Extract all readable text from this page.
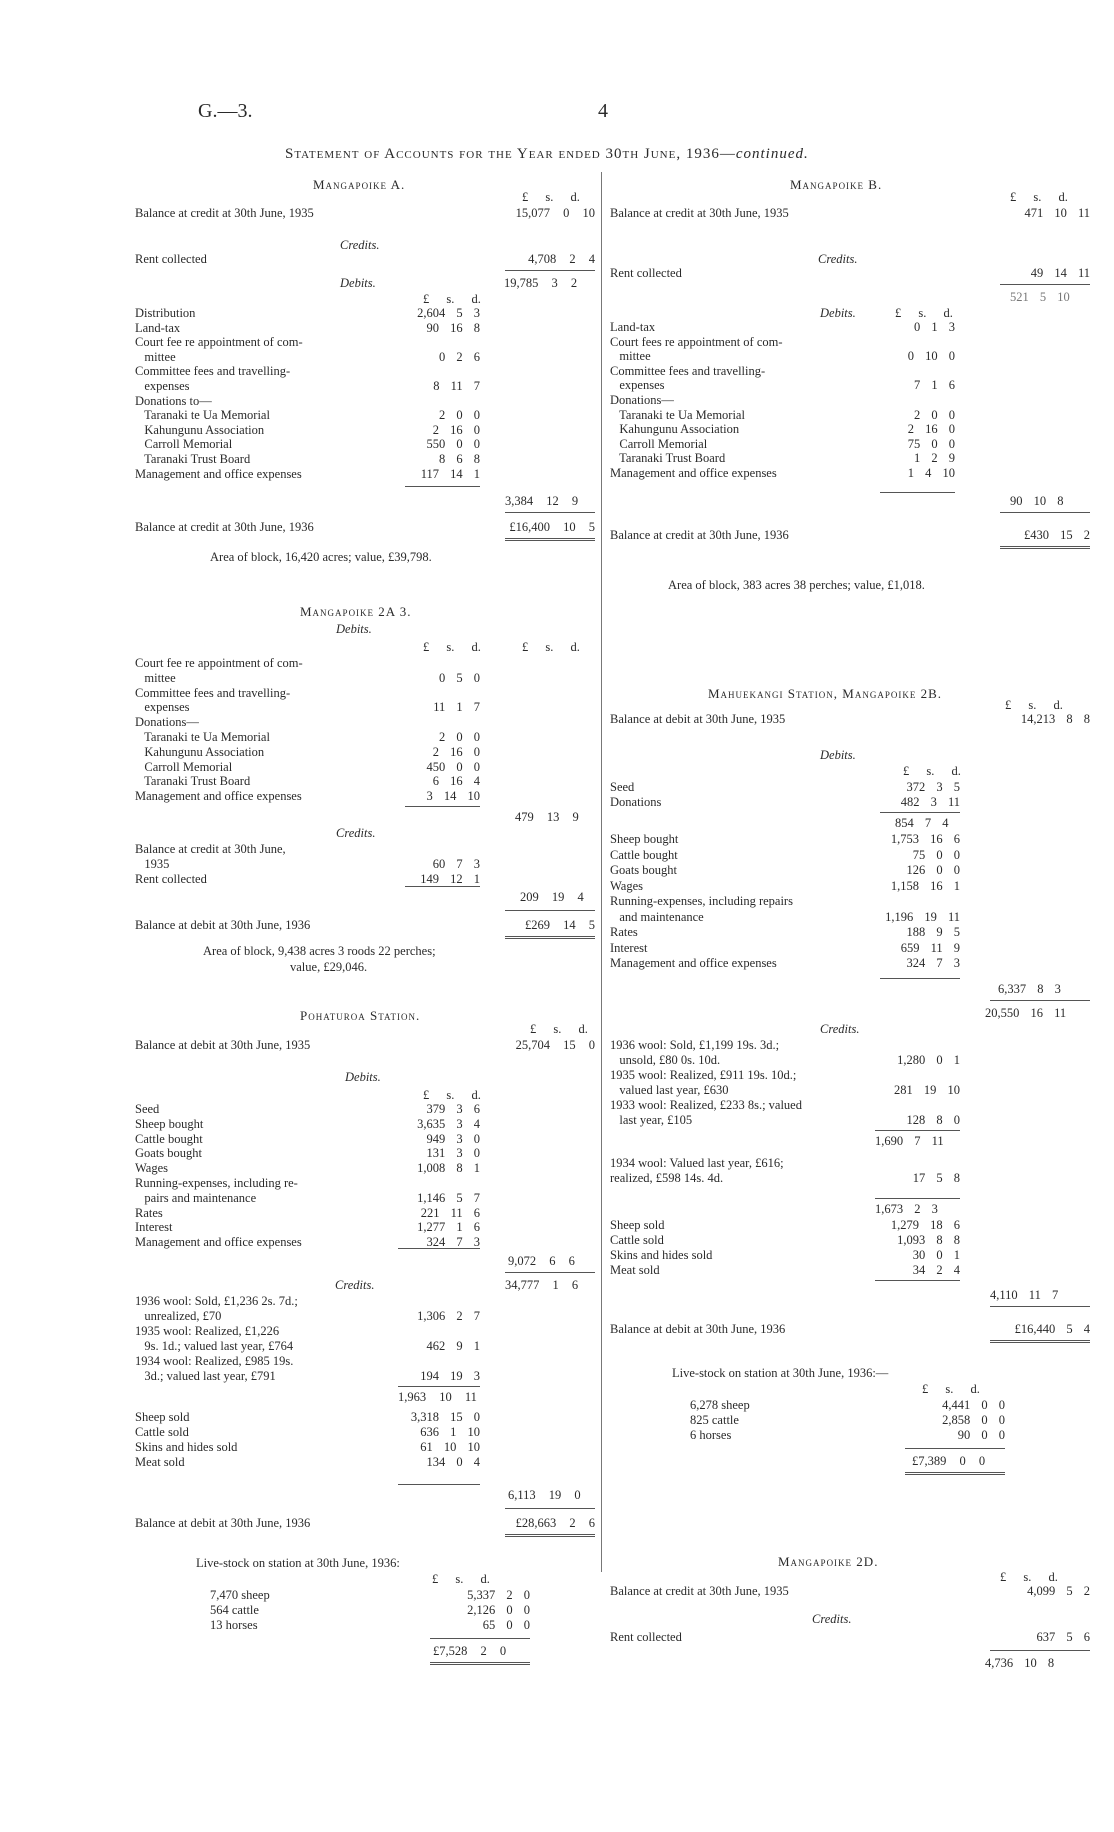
G.—3.	4
Statement of Accounts for the Year ended 30th June, 1936—continued.
Mangapoike A.
£ s. d.
Balance at credit at 30th June, 1935	15,077 0 10
Credits.
Rent collected	4,708 2 4
Debits.	19,785 3 2
£ s. d.
Distribution	2,604 5 3
Land-tax	90 16 8
Court fee re appointment of com-
mittee	0 2 6
Committee fees and travelling-
expenses	8 11 7
Donations to—
Taranaki te Ua Memorial	2 0 0
Kahungunu Association	2 16 0
Carroll Memorial	550 0 0
Taranaki Trust Board	8 6 8
Management and office expenses	117 14 1
3,384 12 9
Balance at credit at 30th June, 1936	£16,400 10 5
Area of block, 16,420 acres; value, £39,798.
Mangapoike B.
£ s. d.
Balance at credit at 30th June, 1935	471 10 11
Credits.
Rent collected	49 14 11
521 5 10
Debits.	£ s. d.
Land-tax	0 1 3
Court fees re appointment of com-
mittee	0 10 0
Committee fees and travelling-
expenses	7 1 6
Donations—
Taranaki te Ua Memorial	2 0 0
Kahungunu Association	2 16 0
Carroll Memorial	75 0 0
Taranaki Trust Board	1 2 9
Management and office expenses	1 4 10
90 10 8
Balance at credit at 30th June, 1936	£430 15 2
Area of block, 383 acres 38 perches; value, £1,018.
Mangapoike 2A 3.
Debits.
£ s. d.	£ s. d.
Court fee re appointment of com-
mittee	0 5 0
Committee fees and travelling-
expenses	11 1 7
Donations—
Taranaki te Ua Memorial	2 0 0
Kahungunu Association	2 16 0
Carroll Memorial	450 0 0
Taranaki Trust Board	6 16 4
Management and office expenses	3 14 10
479 13 9
Credits.
Balance at credit at 30th June,
1935	60 7 3
Rent collected	149 12 1
209 19 4
Balance at debit at 30th June, 1936	£269 14 5
Area of block, 9,438 acres 3 roods 22 perches;
value, £29,046.
Pohaturoa Station.
£ s. d.
Balance at debit at 30th June, 1935	25,704 15 0
Debits.
£ s. d.
Seed	379 3 6
Sheep bought	3,635 3 4
Cattle bought	949 3 0
Goats bought	131 3 0
Wages	1,008 8 1
Running-expenses, including re-
pairs and maintenance	1,146 5 7
Rates	221 11 6
Interest	1,277 1 6
Management and office expenses	324 7 3
9,072 6 6
Credits.	34,777 1 6
1936 wool: Sold, £1,236 2s. 7d.;
unrealized, £70	1,306 2 7
1935 wool: Realized, £1,226
9s. 1d.; valued last year, £764	462 9 1
1934 wool: Realized, £985 19s.
3d.; valued last year, £791	194 19 3
1,963 10 11
Sheep sold	3,318 15 0
Cattle sold	636 1 10
Skins and hides sold	61 10 10
Meat sold	134 0 4
6,113 19 0
Balance at debit at 30th June, 1936	£28,663 2 6
Live-stock on station at 30th June, 1936:
£ s. d.
7,470 sheep	5,337 2 0
564 cattle	2,126 0 0
13 horses	65 0 0
£7,528 2 0
Mahuekangi Station, Mangapoike 2B.
£ s. d.
Balance at debit at 30th June, 1935	14,213 8 8
Debits.
£ s. d.
Seed	372 3 5
Donations	482 3 11
854 7 4
Sheep bought	1,753 16 6
Cattle bought	75 0 0
Goats bought	126 0 0
Wages	1,158 16 1
Running-expenses, including repairs
and maintenance	1,196 19 11
Rates	188 9 5
Interest	659 11 9
Management and office expenses	324 7 3
6,337 8 3
20,550 16 11
Credits.
1936 wool: Sold, £1,199 19s. 3d.;
unsold, £80 0s. 10d.	1,280 0 1
1935 wool: Realized, £911 19s. 10d.;
valued last year, £630	281 19 10
1933 wool: Realized, £233 8s.; valued
last year, £105	128 8 0
1,690 7 11
1934 wool: Valued last year, £616;
realized, £598 14s. 4d.	17 5 8
1,673 2 3
Sheep sold	1,279 18 6
Cattle sold	1,093 8 8
Skins and hides sold	30 0 1
Meat sold	34 2 4
4,110 11 7
Balance at debit at 30th June, 1936	£16,440 5 4
Live-stock on station at 30th June, 1936:—
£ s. d.
6,278 sheep	4,441 0 0
825 cattle	2,858 0 0
6 horses	90 0 0
£7,389 0 0
Mangapoike 2D.
£ s. d.
Balance at credit at 30th June, 1935	4,099 5 2
Credits.
Rent collected	637 5 6
4,736 10 8
